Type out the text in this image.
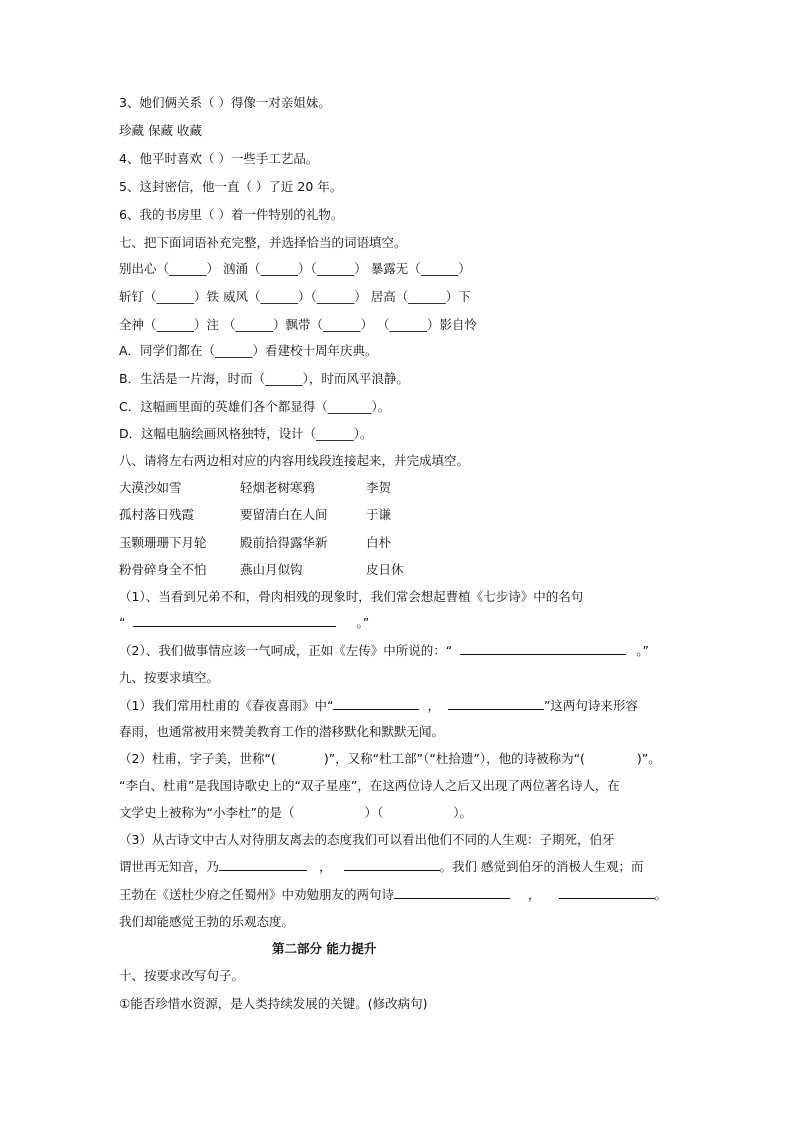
3、她们俩关系（ ）得像一对亲姐妹。
珍藏 保藏 收藏
4、他平时喜欢（ ）一些手工艺品。
5、这封密信，他一直（ ）了近 20 年。
6、我的书房里（ ）着一件特别的礼物。
七、把下面词语补充完整，并选择恰当的词语填空。
别出心（______） 汹涌（______）（______） 暴露无（______）
斩钉（______）铁 威风（______）（______） 居高（______）下
全神（______）注 （______）飘带（______） （______）影自怜
A．同学们都在（______）看建校十周年庆典。
B．生活是一片海，时而（______），时而风平浪静。
C．这幅画里面的英雄们各个都显得（_______）。
D．这幅电脑绘画风格独特，设计（______）。
八、请将左右两边相对应的内容用线段连接起来，并完成填空。
大漠沙如雪	轻烟老树寒鸦	李贺
孤村落日残霞	要留清白在人间	于谦
玉颗珊珊下月轮	殿前拾得露华新	白朴
粉骨碎身全不怕	燕山月似钩	皮日休
（1）、当看到兄弟不和，骨肉相残的现象时，我们常会想起曹植《七步诗》中的名句
“	。”
（2）、我们做事情应该一气呵成，正如《左传》中所说的：“	。”
九、按要求填空。
（1）我们常用杜甫的《春夜喜雨》中“	，	”这两句诗来形容
春雨，也通常被用来赞美教育工作的潜移默化和默默无闻。
（2）杜甫，字子美，世称“(	)”，又称“杜工部”（“杜拾遗”），他的诗被称为“(	)”。
“李白、杜甫”是我国诗歌史上的“双子星座”，在这两位诗人之后又出现了两位著名诗人，在
文学史上被称为“小李杜”的是（	）（	）。
（3）从古诗文中古人对待朋友离去的态度我们可以看出他们不同的人生观：子期死，伯牙
谓世再无知音，乃	，	。我们 感觉到伯牙的消极人生观；而
王勃在《送杜少府之任蜀州》中劝勉朋友的两句诗	，	。
我们却能感觉王勃的乐观态度。
第二部分 能力提升
十、按要求改写句子。
①能否珍惜水资源，是人类持续发展的关键。(修改病句)
